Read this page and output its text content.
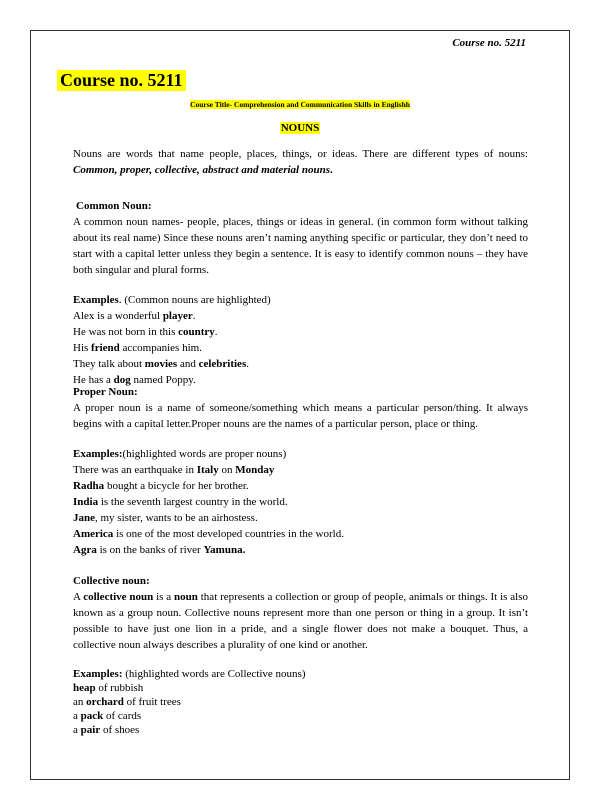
Course no. 5211
Course no. 5211
Course Title- Comprehension and Communication Skills in Englishh
NOUNS
Nouns are words that name people, places, things, or ideas. There are different types of nouns: Common, proper, collective, abstract and material nouns.
Common Noun:
A common noun names- people, places, things or ideas in general. (in common form without talking about its real name) Since these nouns aren’t naming anything specific or particular, they don’t need to start with a capital letter unless they begin a sentence. It is easy to identify common nouns – they have both singular and plural forms.
Examples. (Common nouns are highlighted)
Alex is a wonderful player.
He was not born in this country.
His friend accompanies him.
They talk about movies and celebrities.
He has a dog named Poppy.
Proper Noun:
A proper noun is a name of someone/something which means a particular person/thing. It always begins with a capital letter.Proper nouns are the names of a particular person, place or thing.
Examples:(highlighted words are proper nouns)
There was an earthquake in Italy on Monday
Radha bought a bicycle for her brother.
India is the seventh largest country in the world.
Jane, my sister, wants to be an airhostess.
America is one of the most developed countries in the world.
Agra is on the banks of river Yamuna.
Collective noun:
A collective noun is a noun that represents a collection or group of people, animals or things. It is also known as a group noun. Collective nouns represent more than one person or thing in a group. It isn’t possible to have just one lion in a pride, and a single flower does not make a bouquet. Thus, a collective noun always describes a plurality of one kind or another.
Examples: (highlighted words are Collective nouns)
heap of rubbish
an orchard of fruit trees
a pack of cards
a pair of shoes
